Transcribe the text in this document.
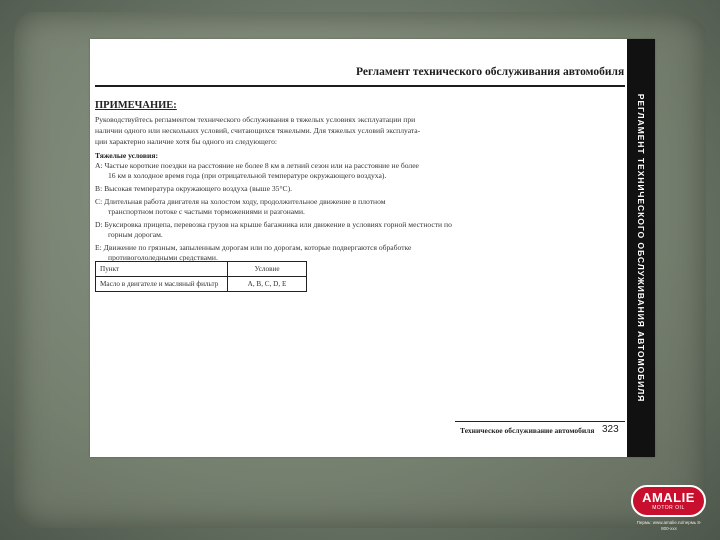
РЕГЛАМЕНТ ТЕХНИЧЕСКОГО ОБСЛУЖИВАНИЯ АВТОМОБИЛЯ
Регламент технического обслуживания автомобиля
ПРИМЕЧАНИЕ:
Руководствуйтесь регламентом технического обслуживания в тяжелых условиях эксплуатации при
наличии одного или нескольких условий, считающихся тяжелыми. Для тяжелых условий эксплуата-
ции характерно наличие хотя бы одного из следующего:
Тяжелые условия:
A: Частые короткие поездки на расстояние не более 8 км в летний сезон или на расстояние не более
16 км в холодное время года (при отрицательной температуре окружающего воздуха).
B: Высокая температура окружающего воздуха (выше 35°C).
C: Длительная работа двигателя на холостом ходу, продолжительное движение в плотном
транспортном потоке с частыми торможениями и разгонами.
D: Буксировка прицепа, перевозка грузов на крыше багажника или движение в условиях горной местности по
горным дорогам.
E: Движение по грязным, запыленным дорогам или по дорогам, которые подвергаются обработке
противогололедными средствами.
Пункт	Условие
Масло в двигателе и масляный фильтр	A, B, C, D, E
Техническое обслуживание автомобиля 323
AMALIE
MOTOR OIL
Пермь: www.amalie.ru/пермь 8-800-xxx
